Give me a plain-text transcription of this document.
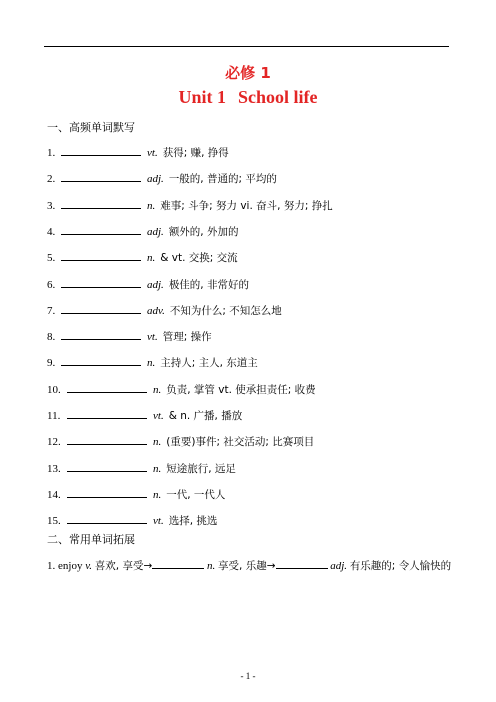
必修 1
Unit 1 School life
一、高频单词默写
1.	vt. 获得; 赚, 挣得
2.	adj. 一般的, 普通的; 平均的
3.	n. 难事; 斗争; 努力 vi. 奋斗, 努力; 挣扎
4.	adj. 额外的, 外加的
5.	n. & vt. 交换; 交流
6.	adj. 极佳的, 非常好的
7.	adv. 不知为什么; 不知怎么地
8.	vt. 管理; 操作
9.	n. 主持人; 主人, 东道主
10.	n. 负责, 掌管 vt. 使承担责任; 收费
11.	vt. & n. 广播, 播放
12.	n. (重要)事件; 社交活动; 比赛项目
13.	n. 短途旅行, 远足
14.	n. 一代, 一代人
15.	vt. 选择, 挑选
二、常用单词拓展
1. enjoy v. 喜欢, 享受→	n. 享受, 乐趣→	adj. 有乐趣的; 令人愉快的
- 1 -
